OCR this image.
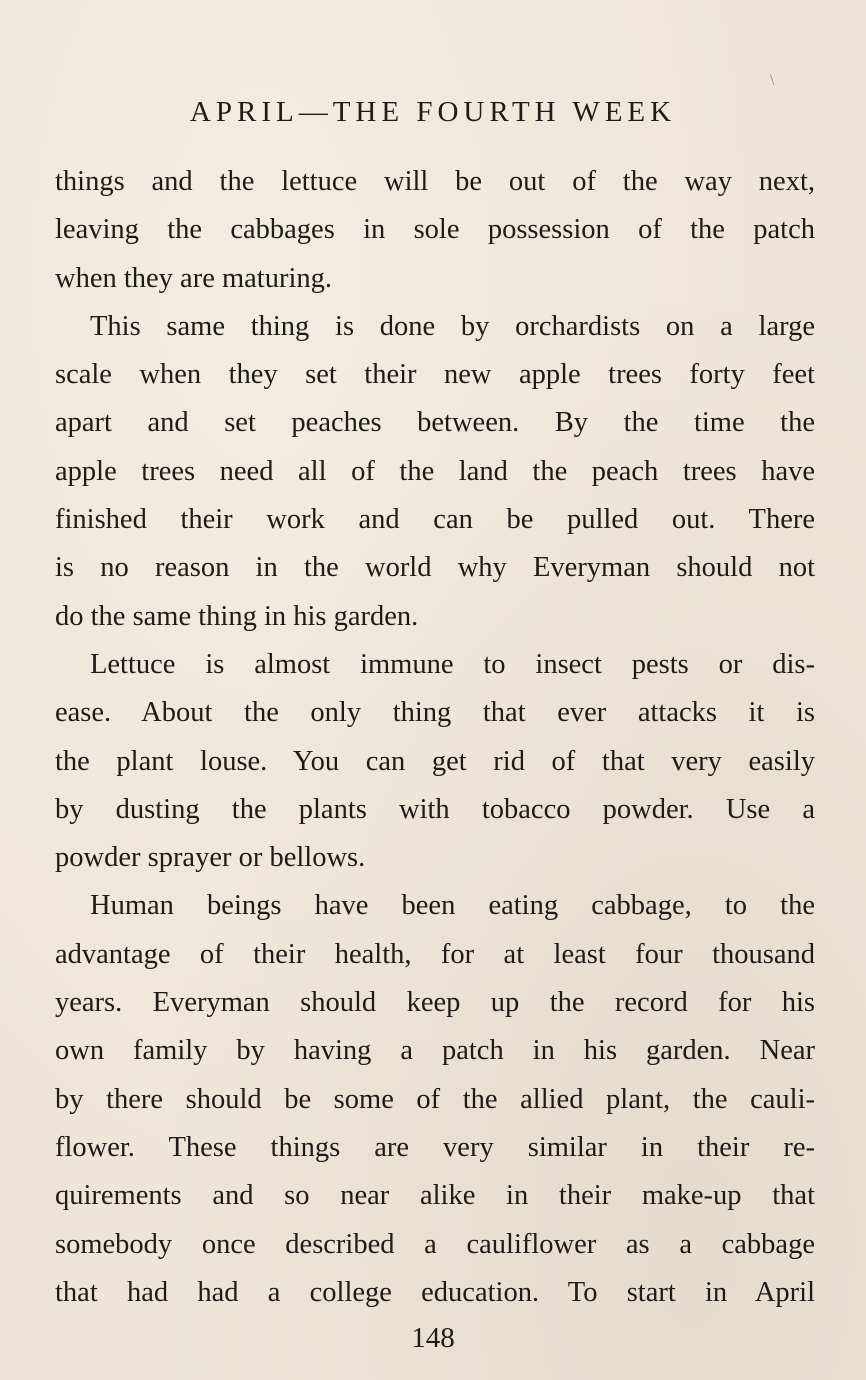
\
APRIL—THE FOURTH WEEK
things and the lettuce will be out of the way next,
leaving the cabbages in sole possession of the patch
when they are maturing.
This same thing is done by orchardists on a large
scale when they set their new apple trees forty feet
apart and set peaches between. By the time the
apple trees need all of the land the peach trees have
finished their work and can be pulled out. There
is no reason in the world why Everyman should not
do the same thing in his garden.
Lettuce is almost immune to insect pests or dis-
ease. About the only thing that ever attacks it is
the plant louse. You can get rid of that very easily
by dusting the plants with tobacco powder. Use a
powder sprayer or bellows.
Human beings have been eating cabbage, to the
advantage of their health, for at least four thousand
years. Everyman should keep up the record for his
own family by having a patch in his garden. Near
by there should be some of the allied plant, the cauli-
flower. These things are very similar in their re-
quirements and so near alike in their make-up that
somebody once described a cauliflower as a cabbage
that had had a college education. To start in April
148
